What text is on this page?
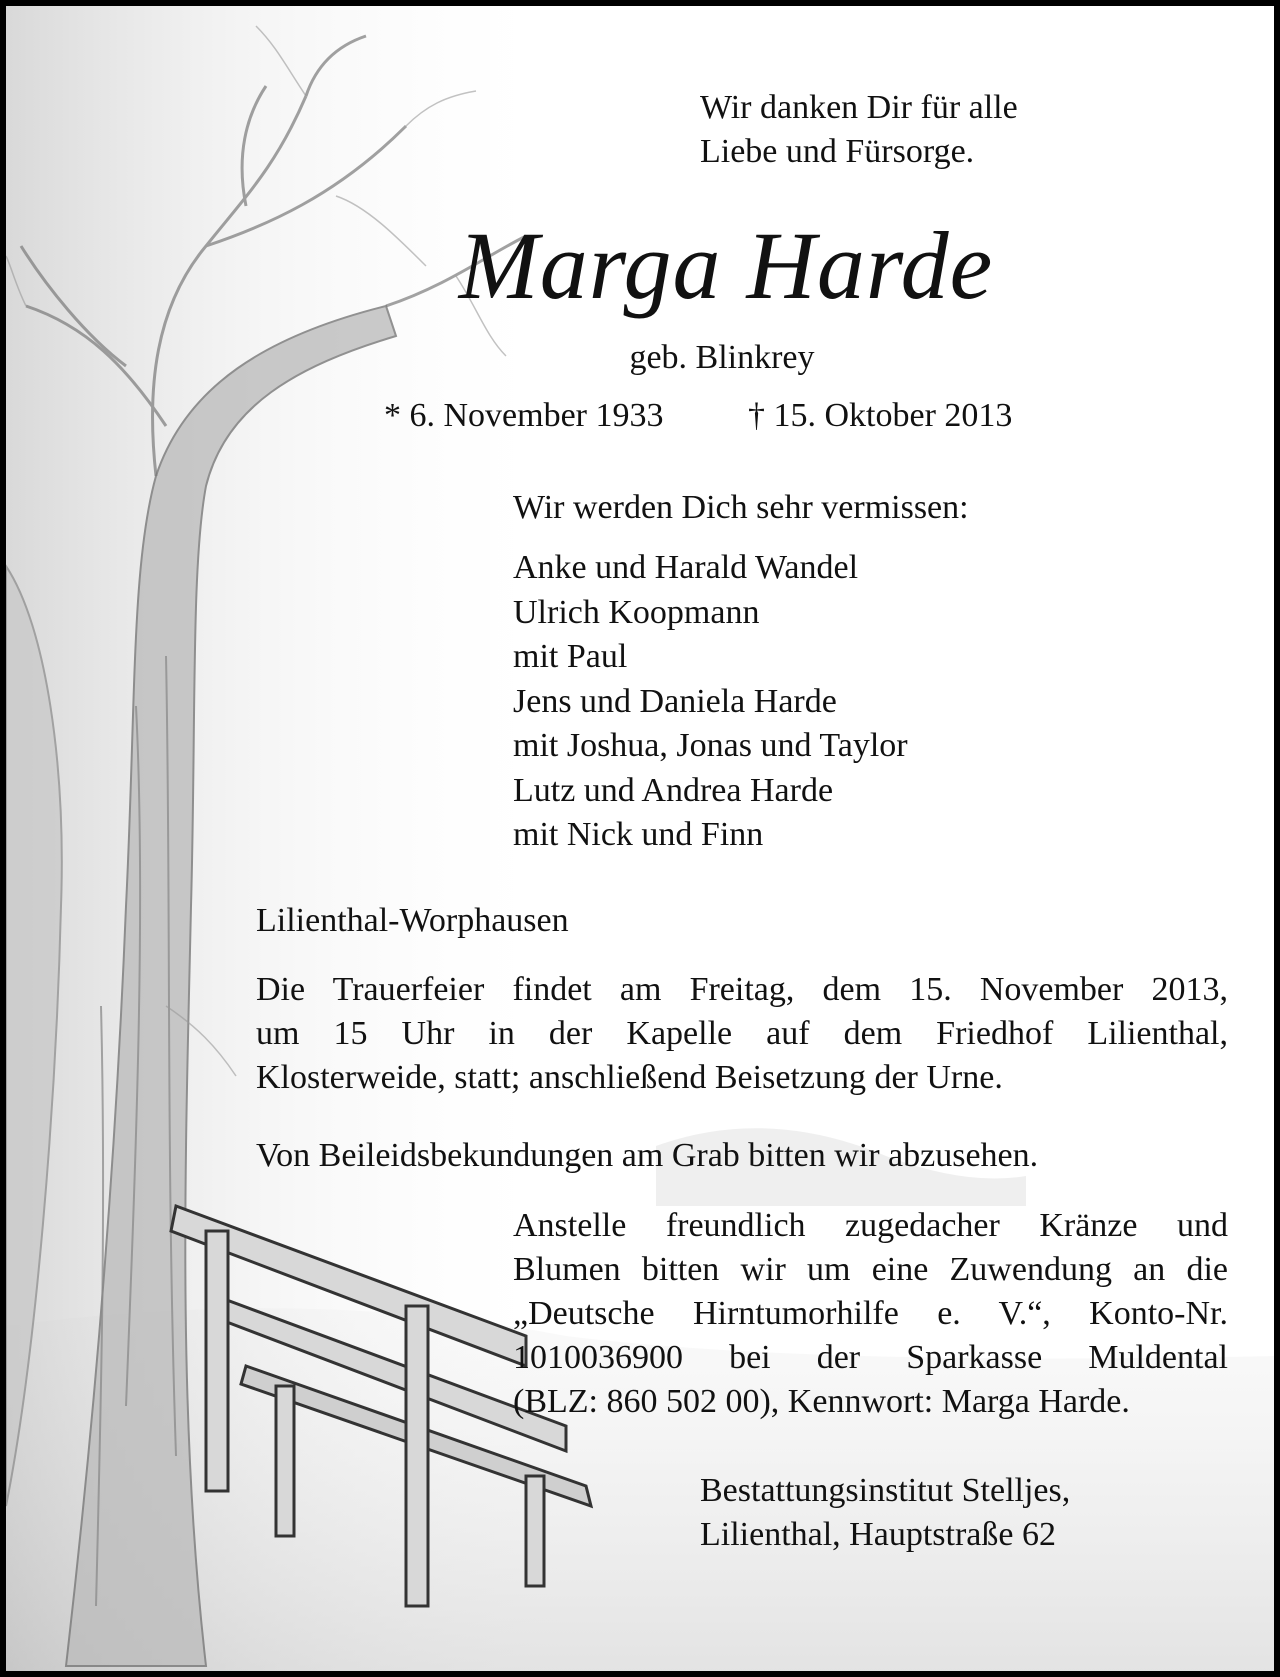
Wir danken Dir für alle
Liebe und Fürsorge.
Marga Harde
geb. Blinkrey
* 6. November 1933 † 15. Oktober 2013
Wir werden Dich sehr vermissen:
Anke und Harald Wandel
Ulrich Koopmann
mit Paul
Jens und Daniela Harde
mit Joshua, Jonas und Taylor
Lutz und Andrea Harde
mit Nick und Finn
Lilienthal-Worphausen
Die Trauerfeier findet am Freitag, dem 15. November 2013,
um 15 Uhr in der Kapelle auf dem Friedhof Lilienthal,
Klosterweide, statt; anschließend Beisetzung der Urne.
Von Beileidsbekundungen am Grab bitten wir abzusehen.
Anstelle freundlich zugedacher Kränze und
Blumen bitten wir um eine Zuwendung an die
„Deutsche Hirntumorhilfe e. V.“, Konto-Nr.
1010036900 bei der Sparkasse Muldental
(BLZ: 860 502 00), Kennwort: Marga Harde.
Bestattungsinstitut Stelljes,
Lilienthal, Hauptstraße 62
